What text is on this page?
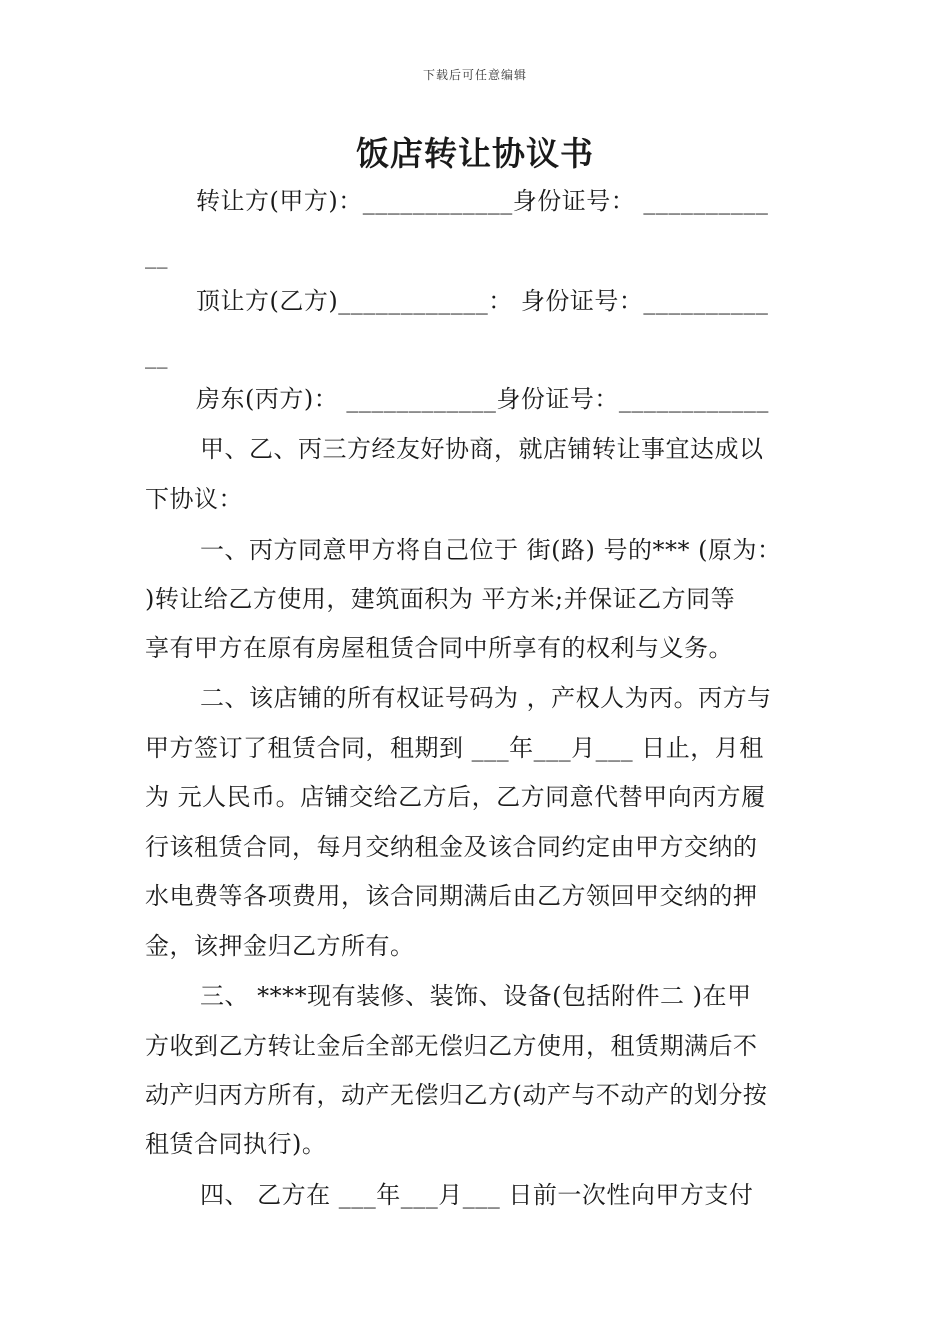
下载后可任意编辑
饭店转让协议书
转让方(甲方)：____________身份证号： __________
__
顶让方(乙方)____________： 身份证号：__________
__
房东(丙方)： ____________身份证号：____________
甲、乙、丙三方经友好协商，就店铺转让事宜达成以
下协议：
一、丙方同意甲方将自己位于 街(路) 号的*** (原为：
)转让给乙方使用，建筑面积为 平方米;并保证乙方同等
享有甲方在原有房屋租赁合同中所享有的权利与义务。
二、该店铺的所有权证号码为 ，产权人为丙。丙方与
甲方签订了租赁合同，租期到 ___年___月___ 日止，月租
为 元人民币。店铺交给乙方后，乙方同意代替甲向丙方履
行该租赁合同，每月交纳租金及该合同约定由甲方交纳的
水电费等各项费用，该合同期满后由乙方领回甲交纳的押
金，该押金归乙方所有。
三、 ****现有装修、装饰、设备(包括附件二 )在甲
方收到乙方转让金后全部无偿归乙方使用，租赁期满后不
动产归丙方所有，动产无偿归乙方(动产与不动产的划分按
租赁合同执行)。
四、 乙方在 ___年___月___ 日前一次性向甲方支付
